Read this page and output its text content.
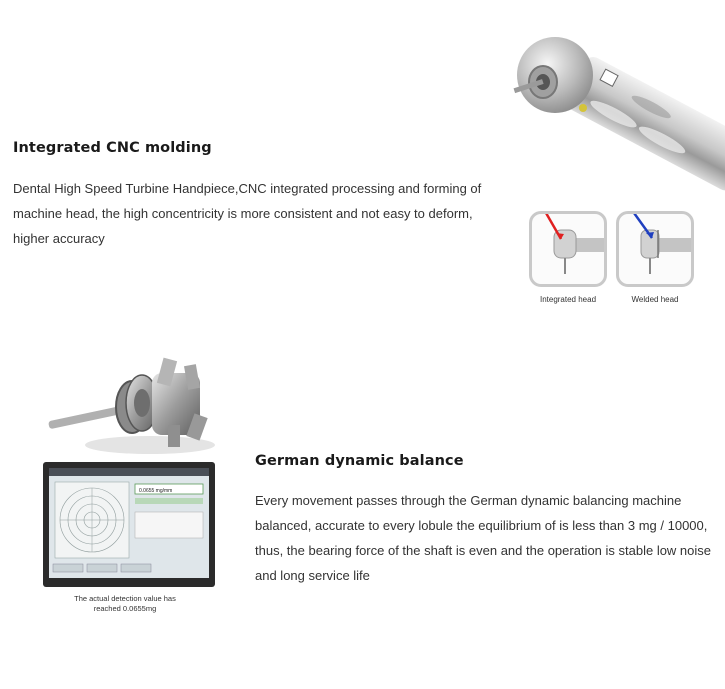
Integrated CNC molding
Dental High Speed Turbine Handpiece,CNC integrated processing and forming of machine head, the high concentricity is more consistent and not easy to deform, higher accuracy
Integrated head	Welded head
0.0655 mg/mm
The actual detection value has
reached 0.0655mg
German dynamic balance
Every movement passes through the German dynamic balancing machine balanced, accurate to every lobule the equilibrium of is less than 3 mg / 10000, thus, the bearing force of the shaft is even and the operation is stable low noise and long service life
